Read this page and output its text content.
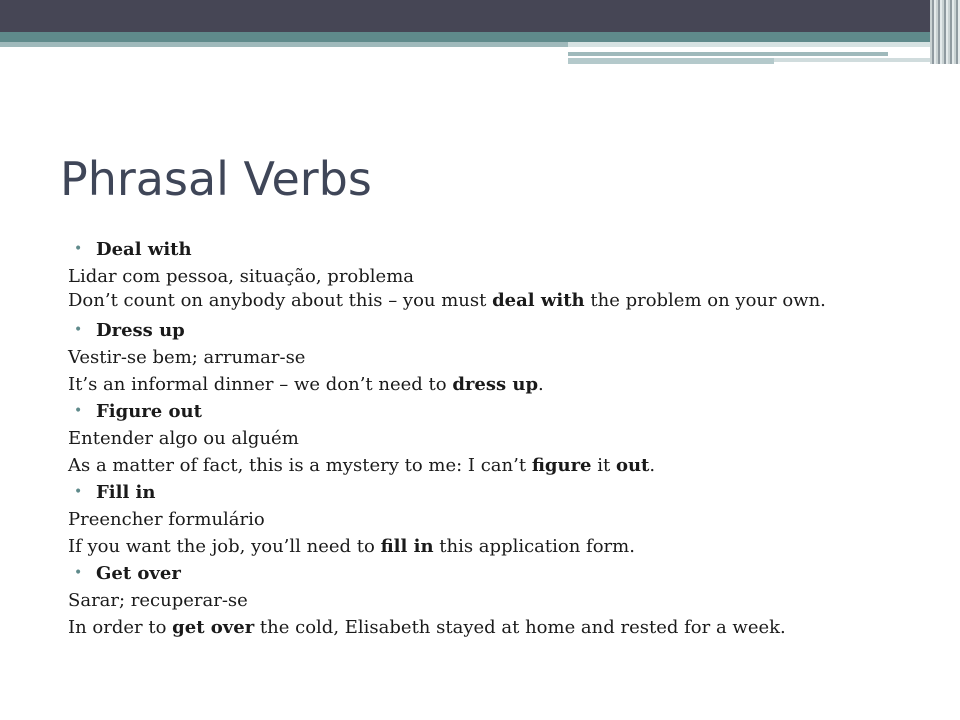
Phrasal Verbs
• Deal with
Lidar com pessoa, situação, problema
Don’t count on anybody about this – you must deal with the problem on your own.
• Dress up
Vestir-se bem; arrumar-se
It’s an informal dinner – we don’t need to dress up.
• Figure out
Entender algo ou alguém
As a matter of fact, this is a mystery to me: I can’t figure it out.
• Fill in
Preencher formulário
If you want the job, you’ll need to fill in this application form.
• Get over
Sarar; recuperar-se
In order to get over the cold, Elisabeth stayed at home and rested for a week.
